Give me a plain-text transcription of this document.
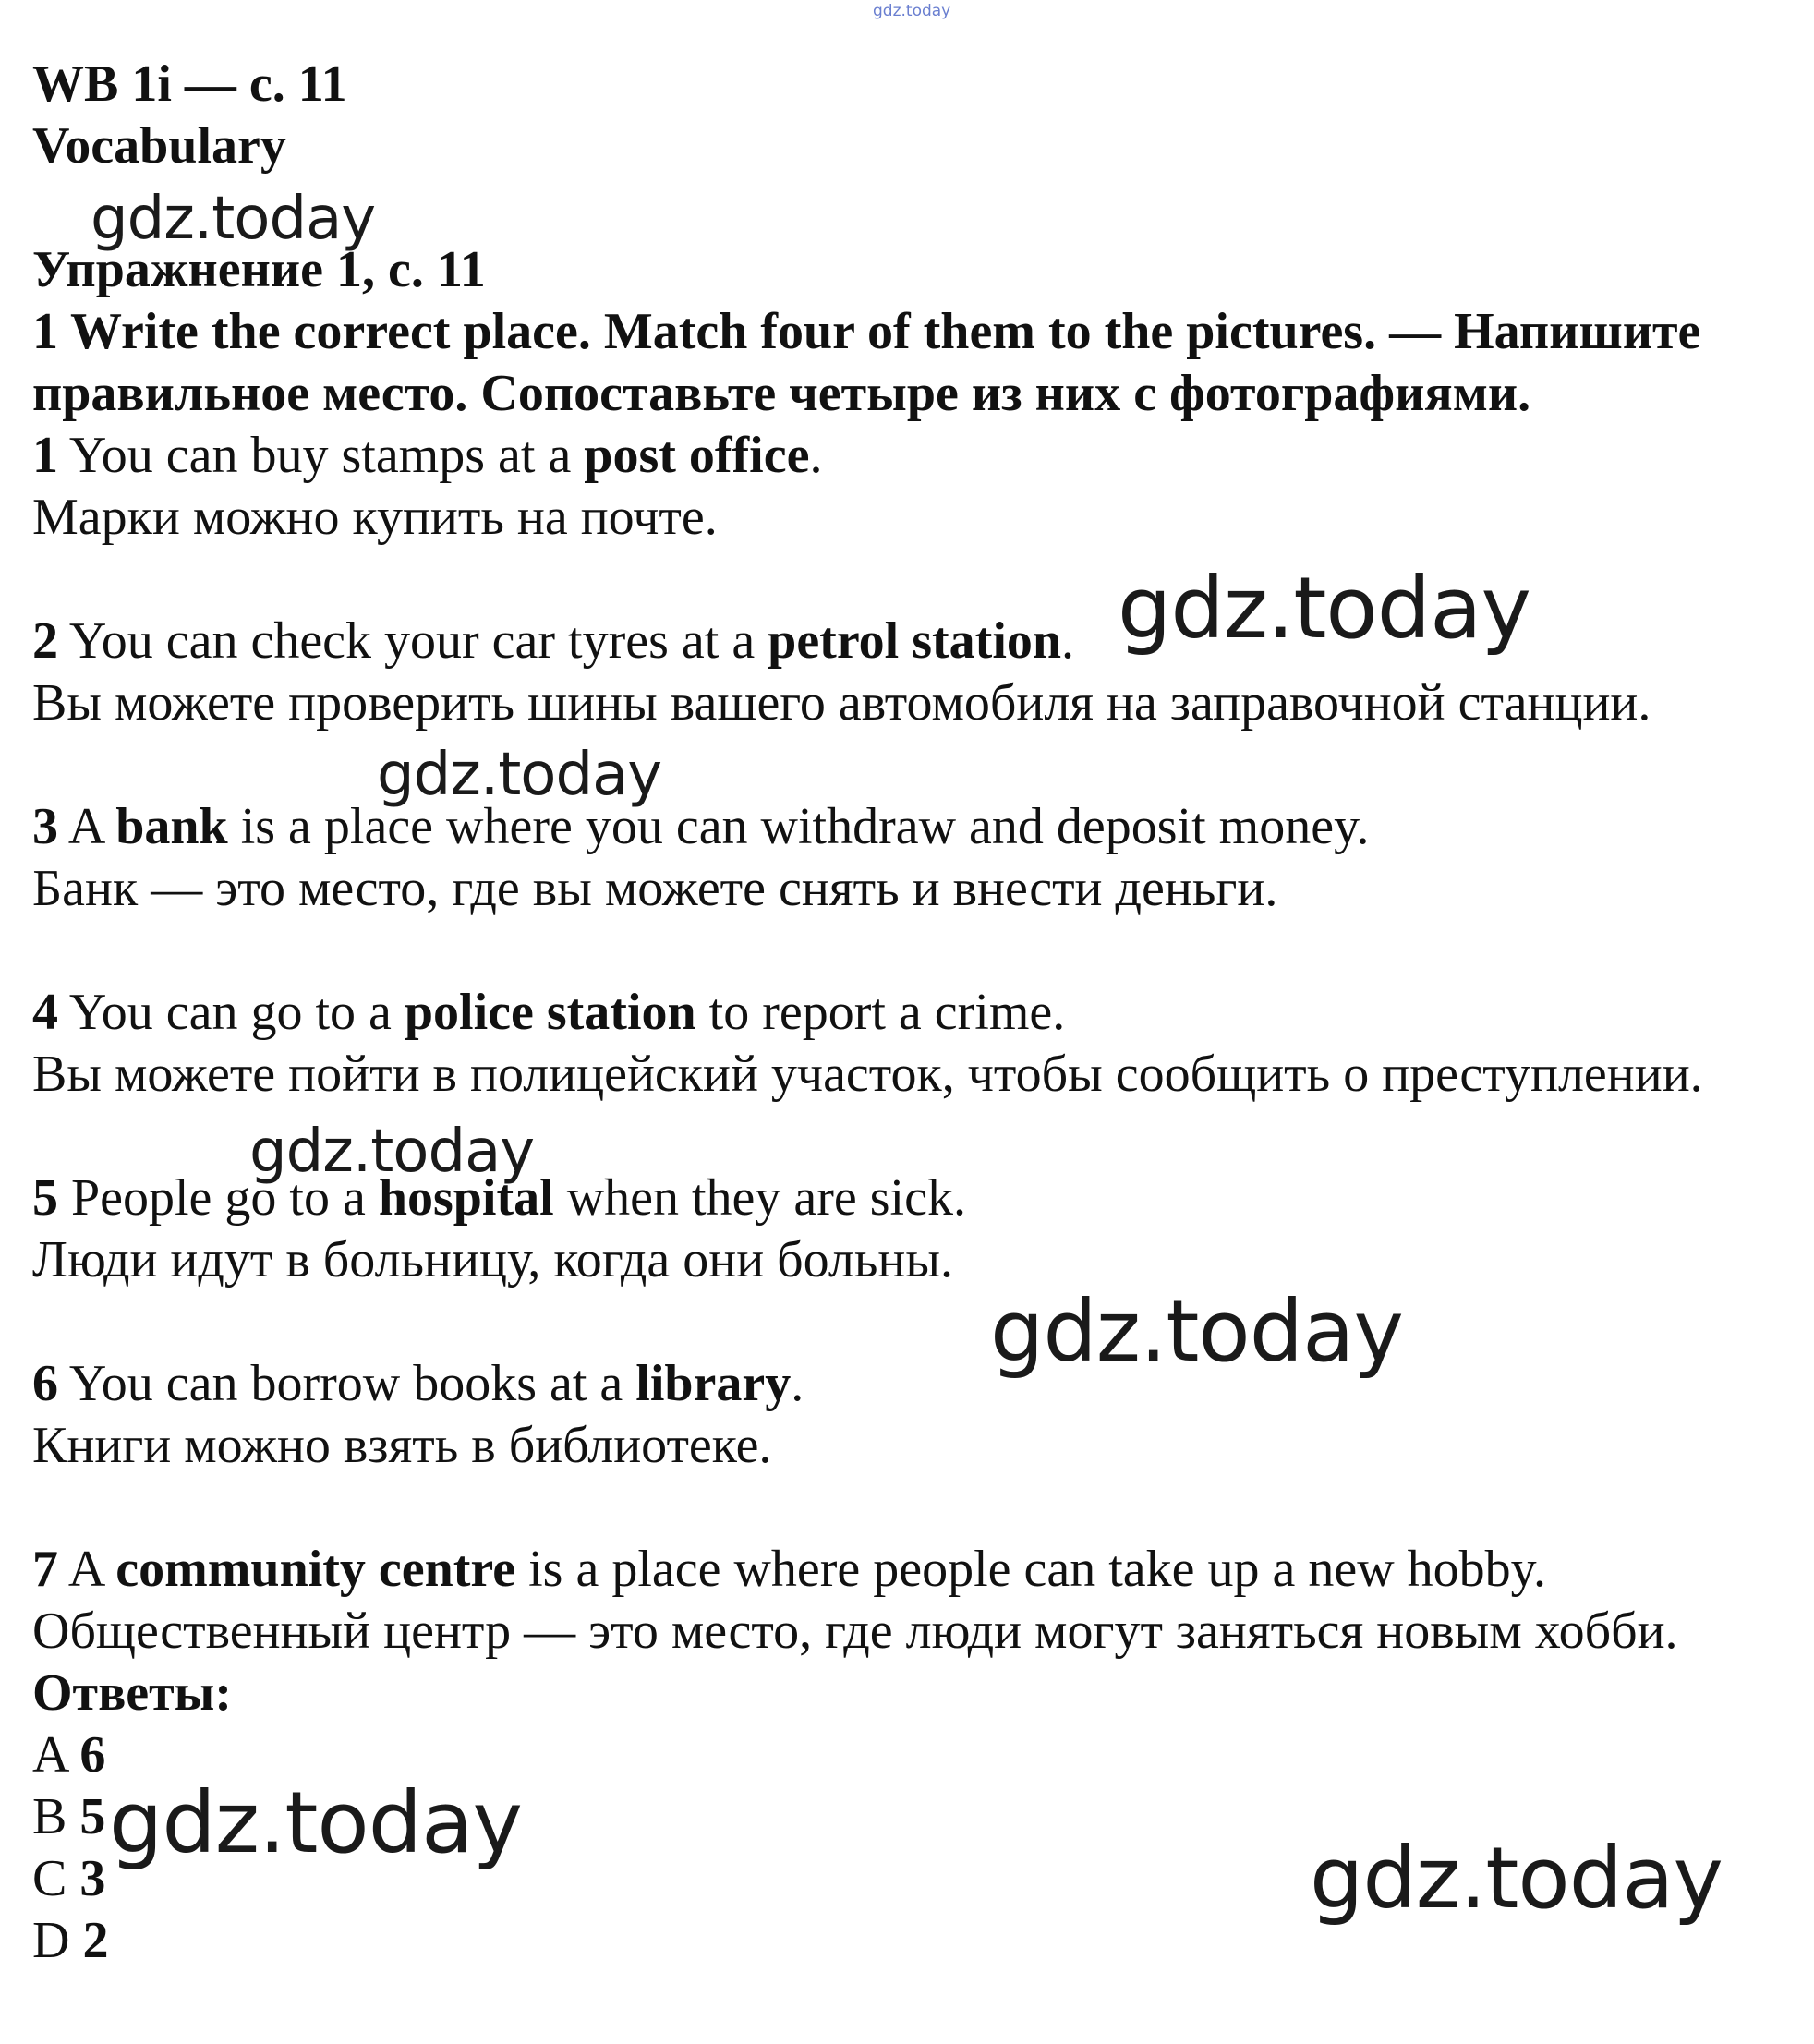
WB 1i — с. 11
Vocabulary
Упражнение 1, с. 11
1 Write the correct place. Match four of them to the pictures. — Напишите
правильное место. Сопоставьте четыре из них с фотографиями.
1 You can buy stamps at a post office.
Марки можно купить на почте.
2 You can check your car tyres at a petrol station.
Вы можете проверить шины вашего автомобиля на заправочной станции.
3 A bank is a place where you can withdraw and deposit money.
Банк — это место, где вы можете снять и внести деньги.
4 You can go to a police station to report a crime.
Вы можете пойти в полицейский участок, чтобы сообщить о преступлении.
5 People go to a hospital when they are sick.
Люди идут в больницу, когда они больны.
6 You can borrow books at a library.
Книги можно взять в библиотеке.
7 A community centre is a place where people can take up a new hobby.
Общественный центр — это место, где люди могут заняться новым хобби.
Ответы:
A 6
B 5
C 3
D 2
gdz.today
gdz.today
gdz.today
gdz.today
gdz.today
gdz.today
gdz.today
gdz.today
